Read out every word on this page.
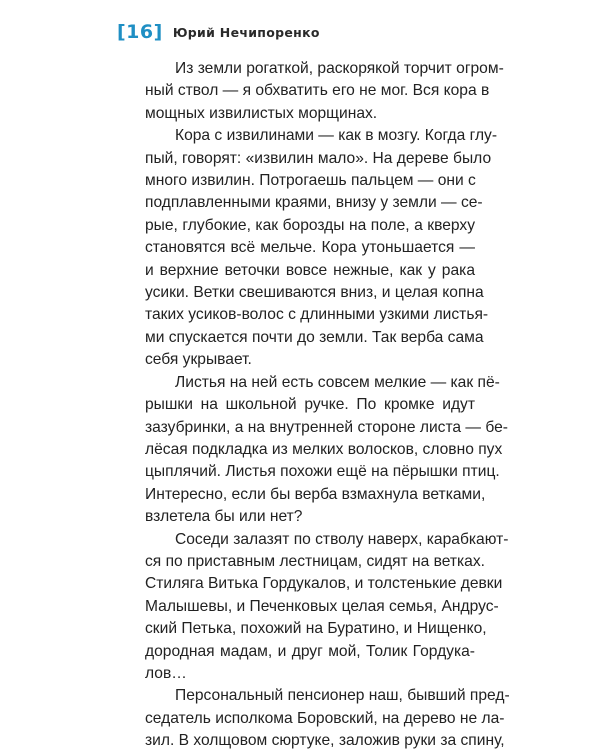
[16] Юрий Нечипоренко
Из земли рогаткой, раскорякой торчит огром-
ный ствол — я обхватить его не мог. Вся кора в
мощных извилистых морщинах.
Кора с извилинами — как в мозгу. Когда глу-
пый, говорят: «извилин мало». На дереве было
много извилин. Потрогаешь пальцем — они с
подплавленными краями, внизу у земли — се-
рые, глубокие, как борозды на поле, а кверху
становятся всё мельче. Кора утоньшается —
и верхние веточки вовсе нежные, как у рака
усики. Ветки свешиваются вниз, и целая копна
таких усиков-волос с длинными узкими листья-
ми спускается почти до земли. Так верба сама
себя укрывает.
Листья на ней есть совсем мелкие — как пё-
рышки на школьной ручке. По кромке идут
зазубринки, а на внутренней стороне листа — бе-
лёсая подкладка из мелких волосков, словно пух
цыплячий. Листья похожи ещё на пёрышки птиц.
Интересно, если бы верба взмахнула ветками,
взлетела бы или нет?
Соседи залазят по стволу наверх, карабкают-
ся по приставным лестницам, сидят на ветках.
Стиляга Витька Гордукалов, и толстенькие девки
Малышевы, и Печенковых целая семья, Андрус-
ский Петька, похожий на Буратино, и Нищенко,
дородная мадам, и друг мой, Толик Гордука-
лов…
Персональный пенсионер наш, бывший пред-
седатель исполкома Боровский, на дерево не ла-
зил. В холщовом сюртуке, заложив руки за спину,
